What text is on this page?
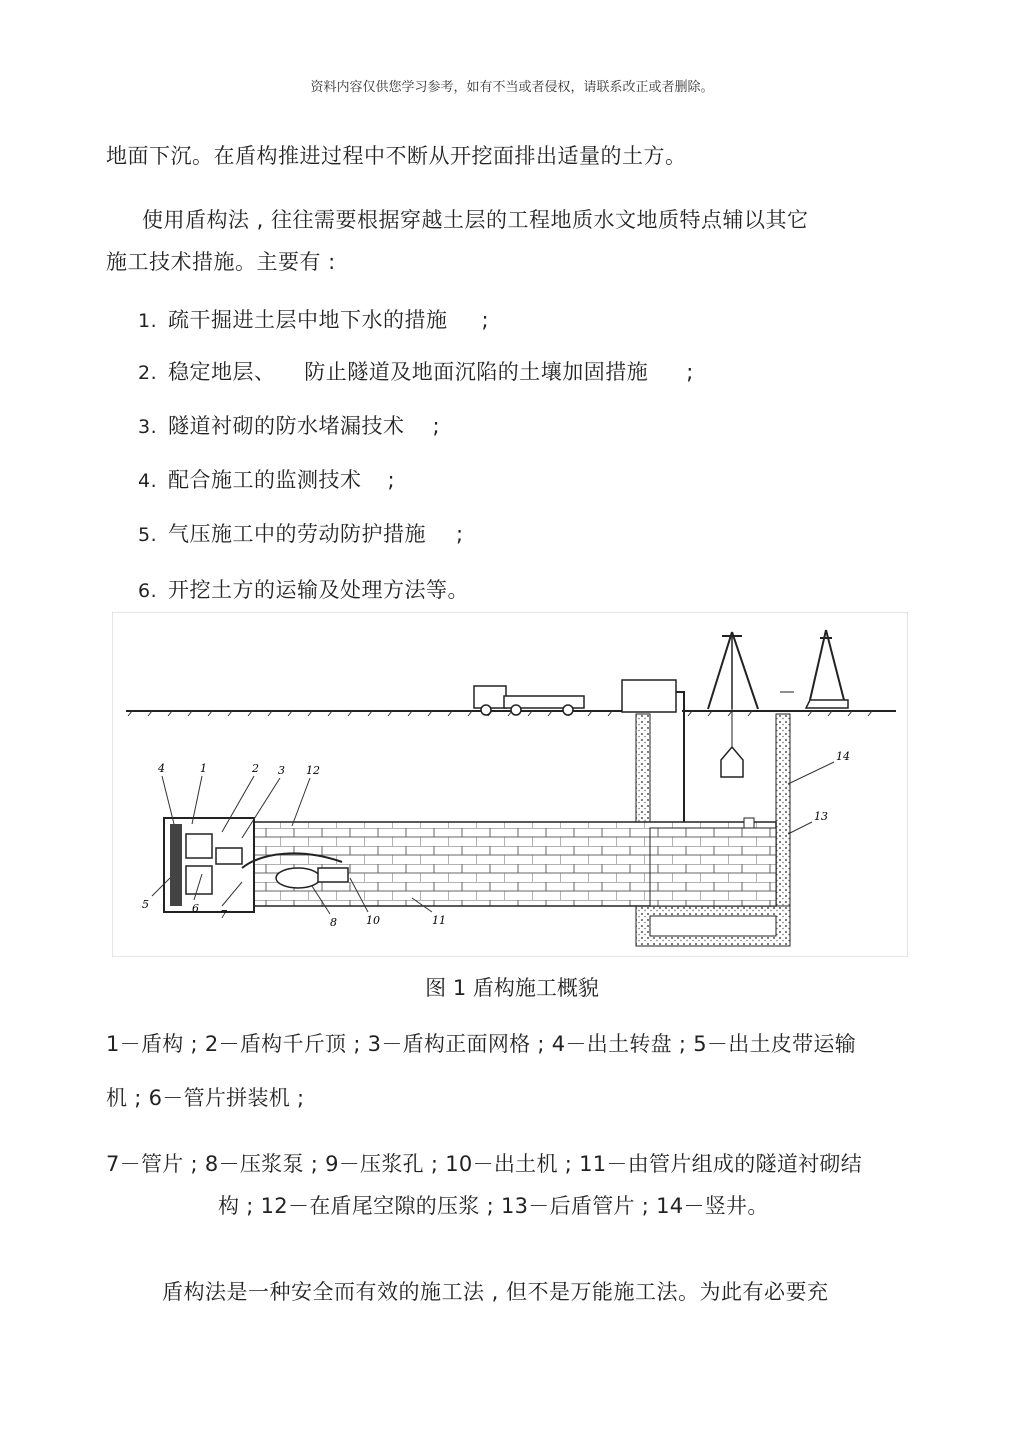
资料内容仅供您学习参考，如有不当或者侵权，请联系改正或者删除。
地面下沉。在盾构推进过程中不断从开挖面排出适量的土方。
使用盾构法 , 往往需要根据穿越土层的工程地质水文地质特点辅以其它
施工技术措施。主要有 :
1. 疏干掘进土层中地下水的措施 ;
2. 稳定地层、    防止隧道及地面沉陷的土壤加固措施 ;
3. 隧道衬砌的防水堵漏技术 ;
4. 配合施工的监测技术 ;
5. 气压施工中的劳动防护措施 ;
6. 开挖土方的运输及处理方法等。
4	1	2 3 12
14
13
5	6 7
8	10	11
图 1 盾构施工概貌
1－盾构 ; 2－盾构千斤顶 ; 3－盾构正面网格 ; 4－出土转盘 ; 5－出土皮带运输
机 ; 6－管片拼装机 ;
7－管片 ; 8－压浆泵 ; 9－压浆孔 ; 10－出土机 ; 11－由管片组成的隧道衬砌结
构 ; 12－在盾尾空隙的压浆 ; 13－后盾管片 ; 14－竖井。
盾构法是一种安全而有效的施工法 , 但不是万能施工法。为此有必要充
